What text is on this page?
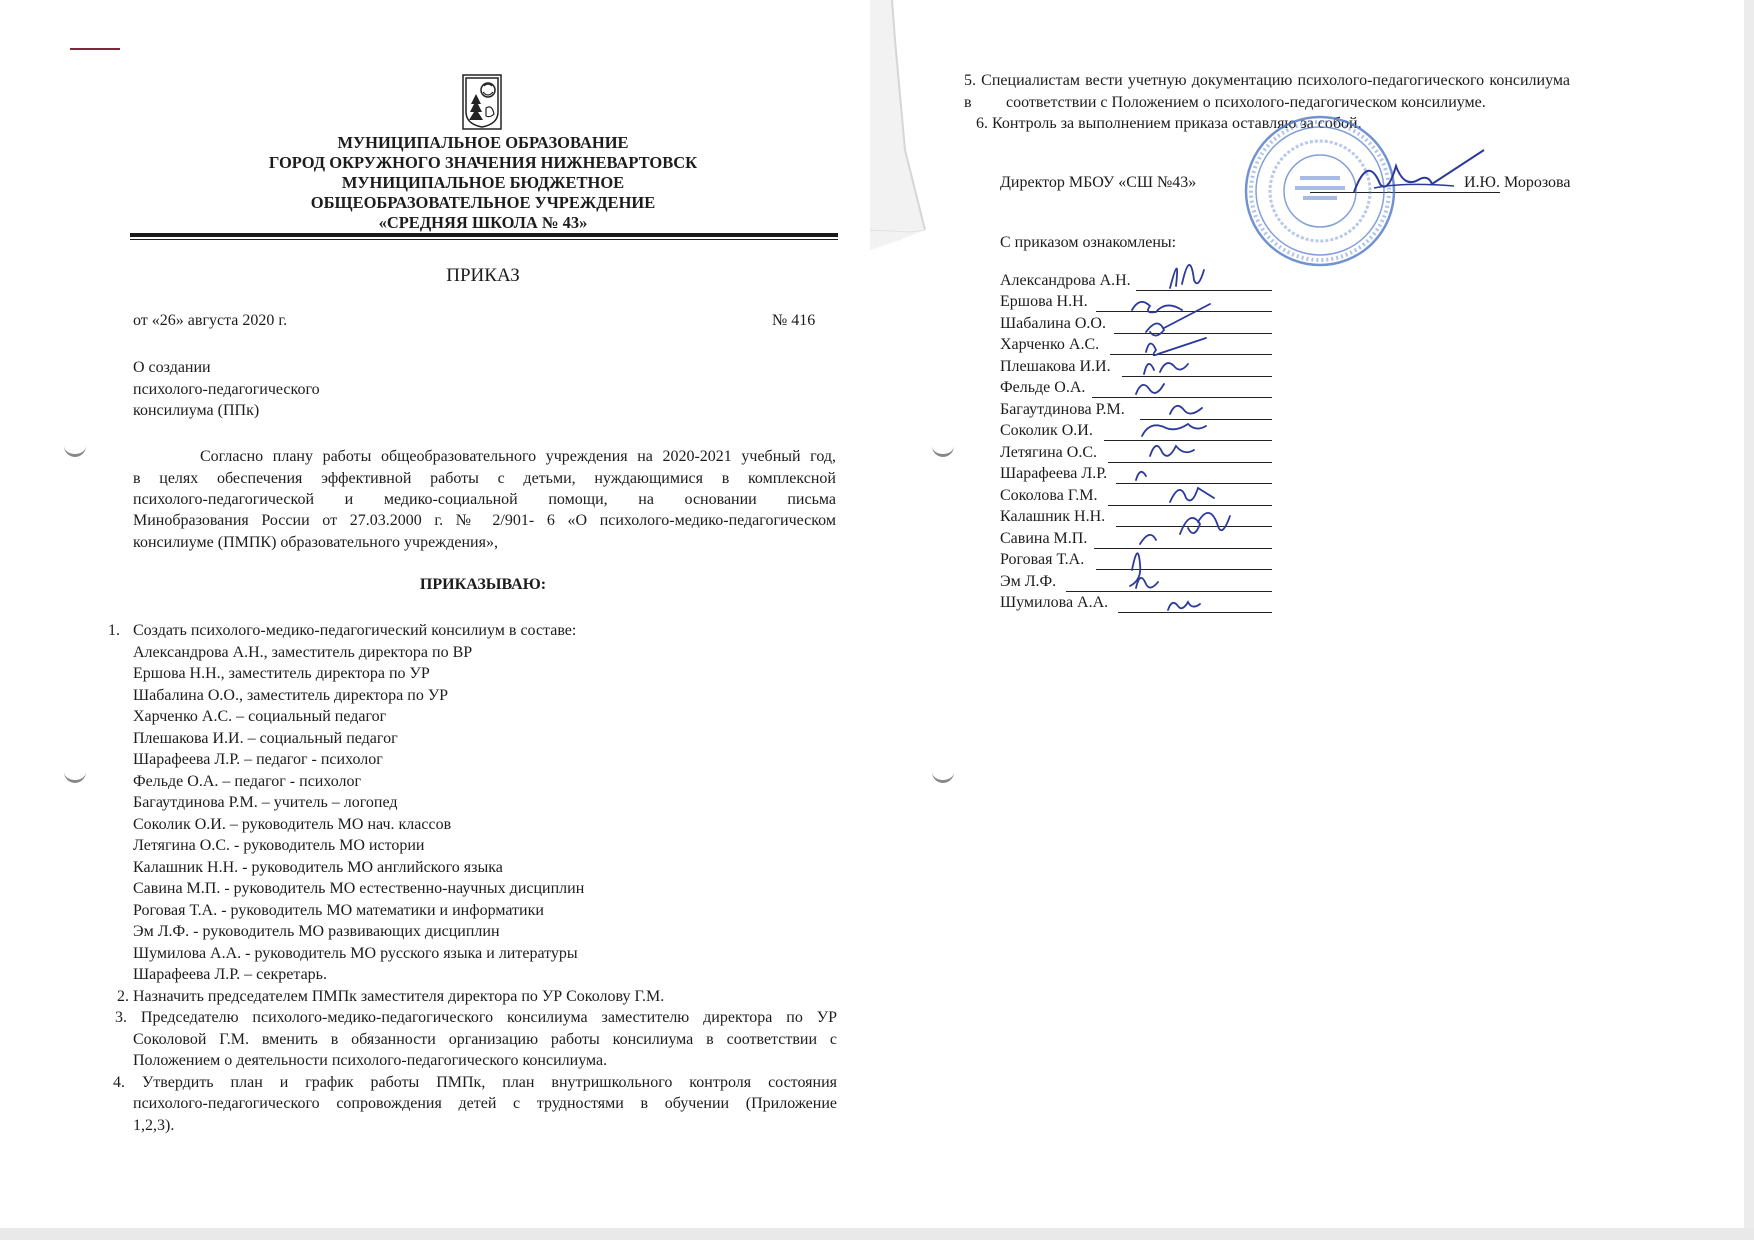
МУНИЦИПАЛЬНОЕ ОБРАЗОВАНИЕ
ГОРОД ОКРУЖНОГО ЗНАЧЕНИЯ НИЖНЕВАРТОВСК
МУНИЦИПАЛЬНОЕ БЮДЖЕТНОЕ
ОБЩЕОБРАЗОВАТЕЛЬНОЕ УЧРЕЖДЕНИЕ
«СРЕДНЯЯ ШКОЛА № 43»
ПРИКАЗ
от «26» августа 2020 г.	№ 416
О создании
психолого-педагогического
консилиума (ППк)
Согласно плану работы общеобразовательного учреждения на 2020-2021 учебный год,
в целях обеспечения эффективной работы с детьми, нуждающимися в комплексной
психолого-педагогической и медико-социальной помощи, на основании письма
Минобразования России от 27.03.2000 г. № 2/901- 6 «О психолого-медико-педагогическом
консилиуме (ПМПК) образовательного учреждения»,
ПРИКАЗЫВАЮ:
1. Создать психолого-медико-педагогический консилиум в составе:
Александрова А.Н., заместитель директора по ВР
Ершова Н.Н., заместитель директора по УР
Шабалина О.О., заместитель директора по УР
Харченко А.С. – социальный педагог
Плешакова И.И. – социальный педагог
Шарафеева Л.Р. – педагог - психолог
Фельде О.А. – педагог - психолог
Багаутдинова Р.М. – учитель – логопед
Соколик О.И. – руководитель МО нач. классов
Летягина О.С. - руководитель МО истории
Калашник Н.Н. - руководитель МО английского языка
Савина М.П. - руководитель МО естественно-научных дисциплин
Роговая Т.А. - руководитель МО математики и информатики
Эм Л.Ф. - руководитель МО развивающих дисциплин
Шумилова А.А. - руководитель МО русского языка и литературы
Шарафеева Л.Р. – секретарь.
2. Назначить председателем ПМПк заместителя директора по УР Соколову Г.М.
3. Председателю психолого-медико-педагогического консилиума заместителю директора по УР
Соколовой Г.М. вменить в обязанности организацию работы консилиума в соответствии с
Положением о деятельности психолого-педагогического консилиума.
4. Утвердить план и график работы ПМПк, план внутришкольного контроля состояния
психолого-педагогического сопровождения детей с трудностями в обучении (Приложение
1,2,3).
5. Специалистам вести учетную документацию психолого-педагогического консилиума в	соответствии с Положением о психолого-педагогическом консилиуме.
6. Контроль за выполнением приказа оставляю за собой.
Директор МБОУ «СШ №43»	И.Ю. Морозова
С приказом ознакомлены:
Александрова А.Н.
Ершова Н.Н.
Шабалина О.О.
Харченко А.С.
Плешакова И.И.
Фельде О.А.
Багаутдинова Р.М.
Соколик О.И.
Летягина О.С.
Шарафеева Л.Р.
Соколова Г.М.
Калашник Н.Н.
Савина М.П.
Роговая Т.А.
Эм Л.Ф.
Шумилова А.А.
